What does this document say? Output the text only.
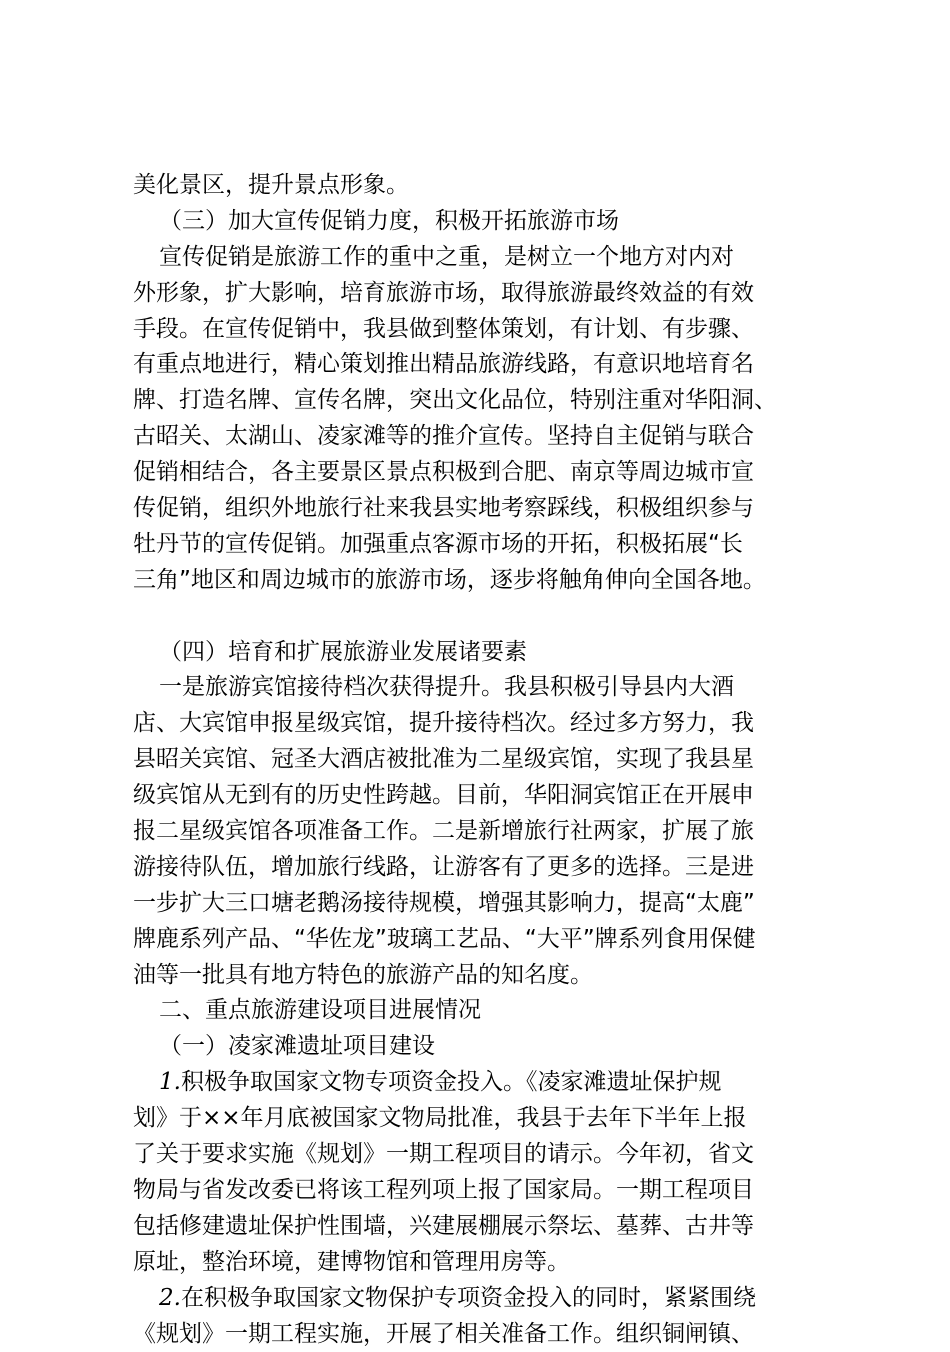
美化景区，提升景点形象。
（三）加大宣传促销力度，积极开拓旅游市场
宣传促销是旅游工作的重中之重，是树立一个地方对内对
外形象，扩大影响，培育旅游市场，取得旅游最终效益的有效
手段。在宣传促销中，我县做到整体策划，有计划、有步骤、
有重点地进行，精心策划推出精品旅游线路，有意识地培育名
牌、打造名牌、宣传名牌，突出文化品位，特别注重对华阳洞、
古昭关、太湖山、凌家滩等的推介宣传。坚持自主促销与联合
促销相结合，各主要景区景点积极到合肥、南京等周边城市宣
传促销，组织外地旅行社来我县实地考察踩线，积极组织参与
牡丹节的宣传促销。加强重点客源市场的开拓，积极拓展“长
三角”地区和周边城市的旅游市场，逐步将触角伸向全国各地。
（四）培育和扩展旅游业发展诸要素
一是旅游宾馆接待档次获得提升。我县积极引导县内大酒
店、大宾馆申报星级宾馆，提升接待档次。经过多方努力，我
县昭关宾馆、冠圣大酒店被批准为二星级宾馆，实现了我县星
级宾馆从无到有的历史性跨越。目前，华阳洞宾馆正在开展申
报二星级宾馆各项准备工作。二是新增旅行社两家，扩展了旅
游接待队伍，增加旅行线路，让游客有了更多的选择。三是进
一步扩大三口塘老鹅汤接待规模，增强其影响力，提高“太鹿”
牌鹿系列产品、“华佐龙”玻璃工艺品、“大平”牌系列食用保健
油等一批具有地方特色的旅游产品的知名度。
二、重点旅游建设项目进展情况
（一）凌家滩遗址项目建设
1.积极争取国家文物专项资金投入。《凌家滩遗址保护规
划》于××年月底被国家文物局批准，我县于去年下半年上报
了关于要求实施《规划》一期工程项目的请示。今年初，省文
物局与省发改委已将该工程列项上报了国家局。一期工程项目
包括修建遗址保护性围墙，兴建展棚展示祭坛、墓葬、古井等
原址，整治环境，建博物馆和管理用房等。
2.在积极争取国家文物保护专项资金投入的同时，紧紧围绕
《规划》一期工程实施，开展了相关准备工作。组织铜闸镇、
